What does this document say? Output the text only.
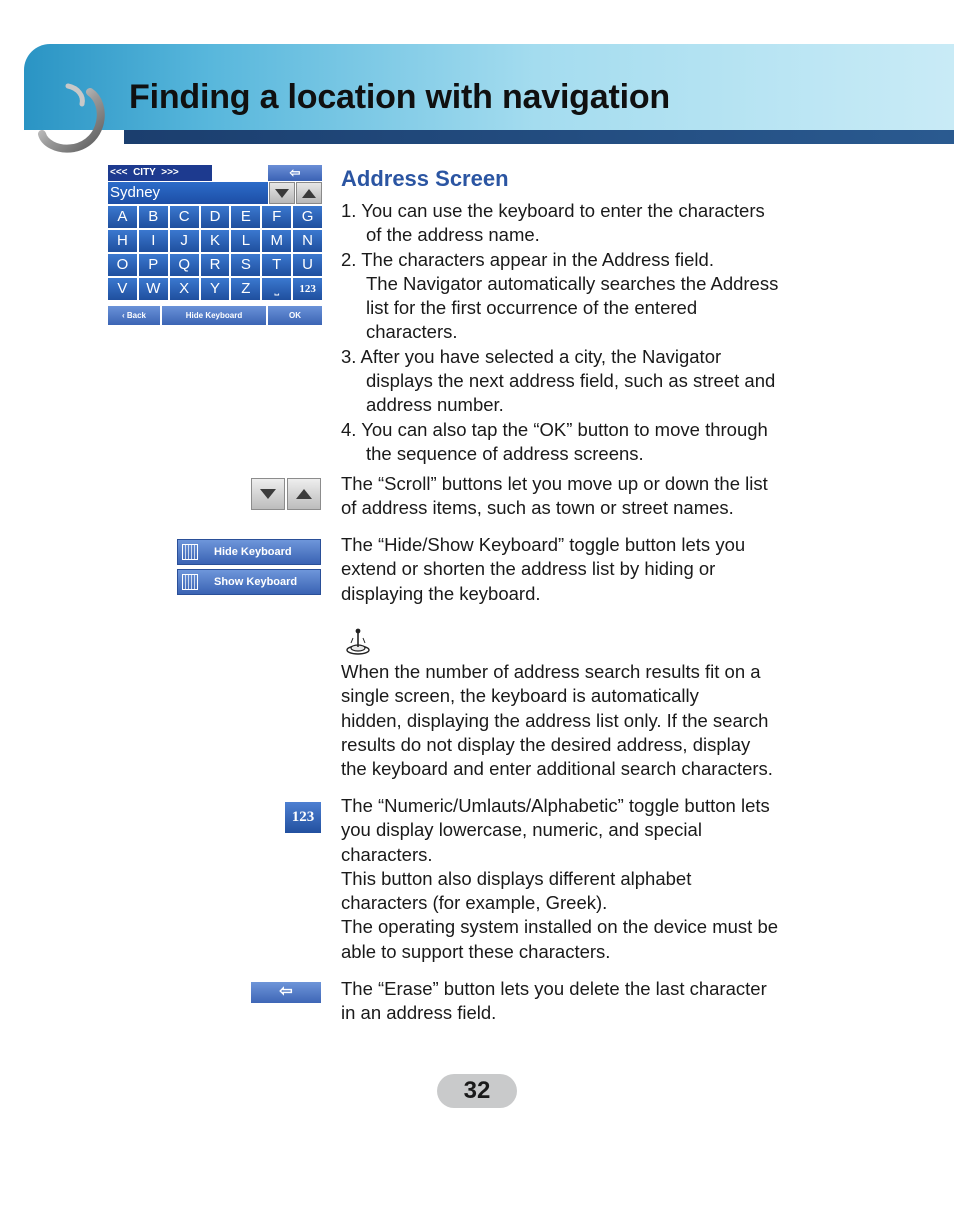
Finding a location with navigation
<<<  CITY  >>>	⇦
Sydney
A	B	C	D	E	F	G
H	I	J	K	L	M	N
O	P	Q	R	S	T	U
V	W	X	Y	Z	⎵	123
‹ Back	Hide Keyboard	OK
Address Screen
1. You can use the keyboard to enter the characters
of the address name.
2. The characters appear in the Address field.
The Navigator automatically searches the Address
list for the first occurrence of the entered
characters.
3. After you have selected a city, the Navigator
displays the next address field, such as street and
address number.
4. You can also tap the “OK” button to move through
the sequence of address screens.
The “Scroll” buttons let you move up or down the list
of address items, such as town or street names.
Hide Keyboard
Show Keyboard
The “Hide/Show Keyboard” toggle button lets you
extend or shorten the address list by hiding or
displaying the keyboard.
When the number of address search results fit on a
single screen, the keyboard is automatically
hidden, displaying the address list only. If the search
results do not display the desired address, display
the keyboard and enter additional search characters.
123
The “Numeric/Umlauts/Alphabetic” toggle button lets
you display lowercase, numeric, and special
characters.
This button also displays different alphabet
characters (for example, Greek).
The operating system installed on the device must be
able to support these characters.
⇦	The “Erase” button lets you delete the last character
in an address field.
32
